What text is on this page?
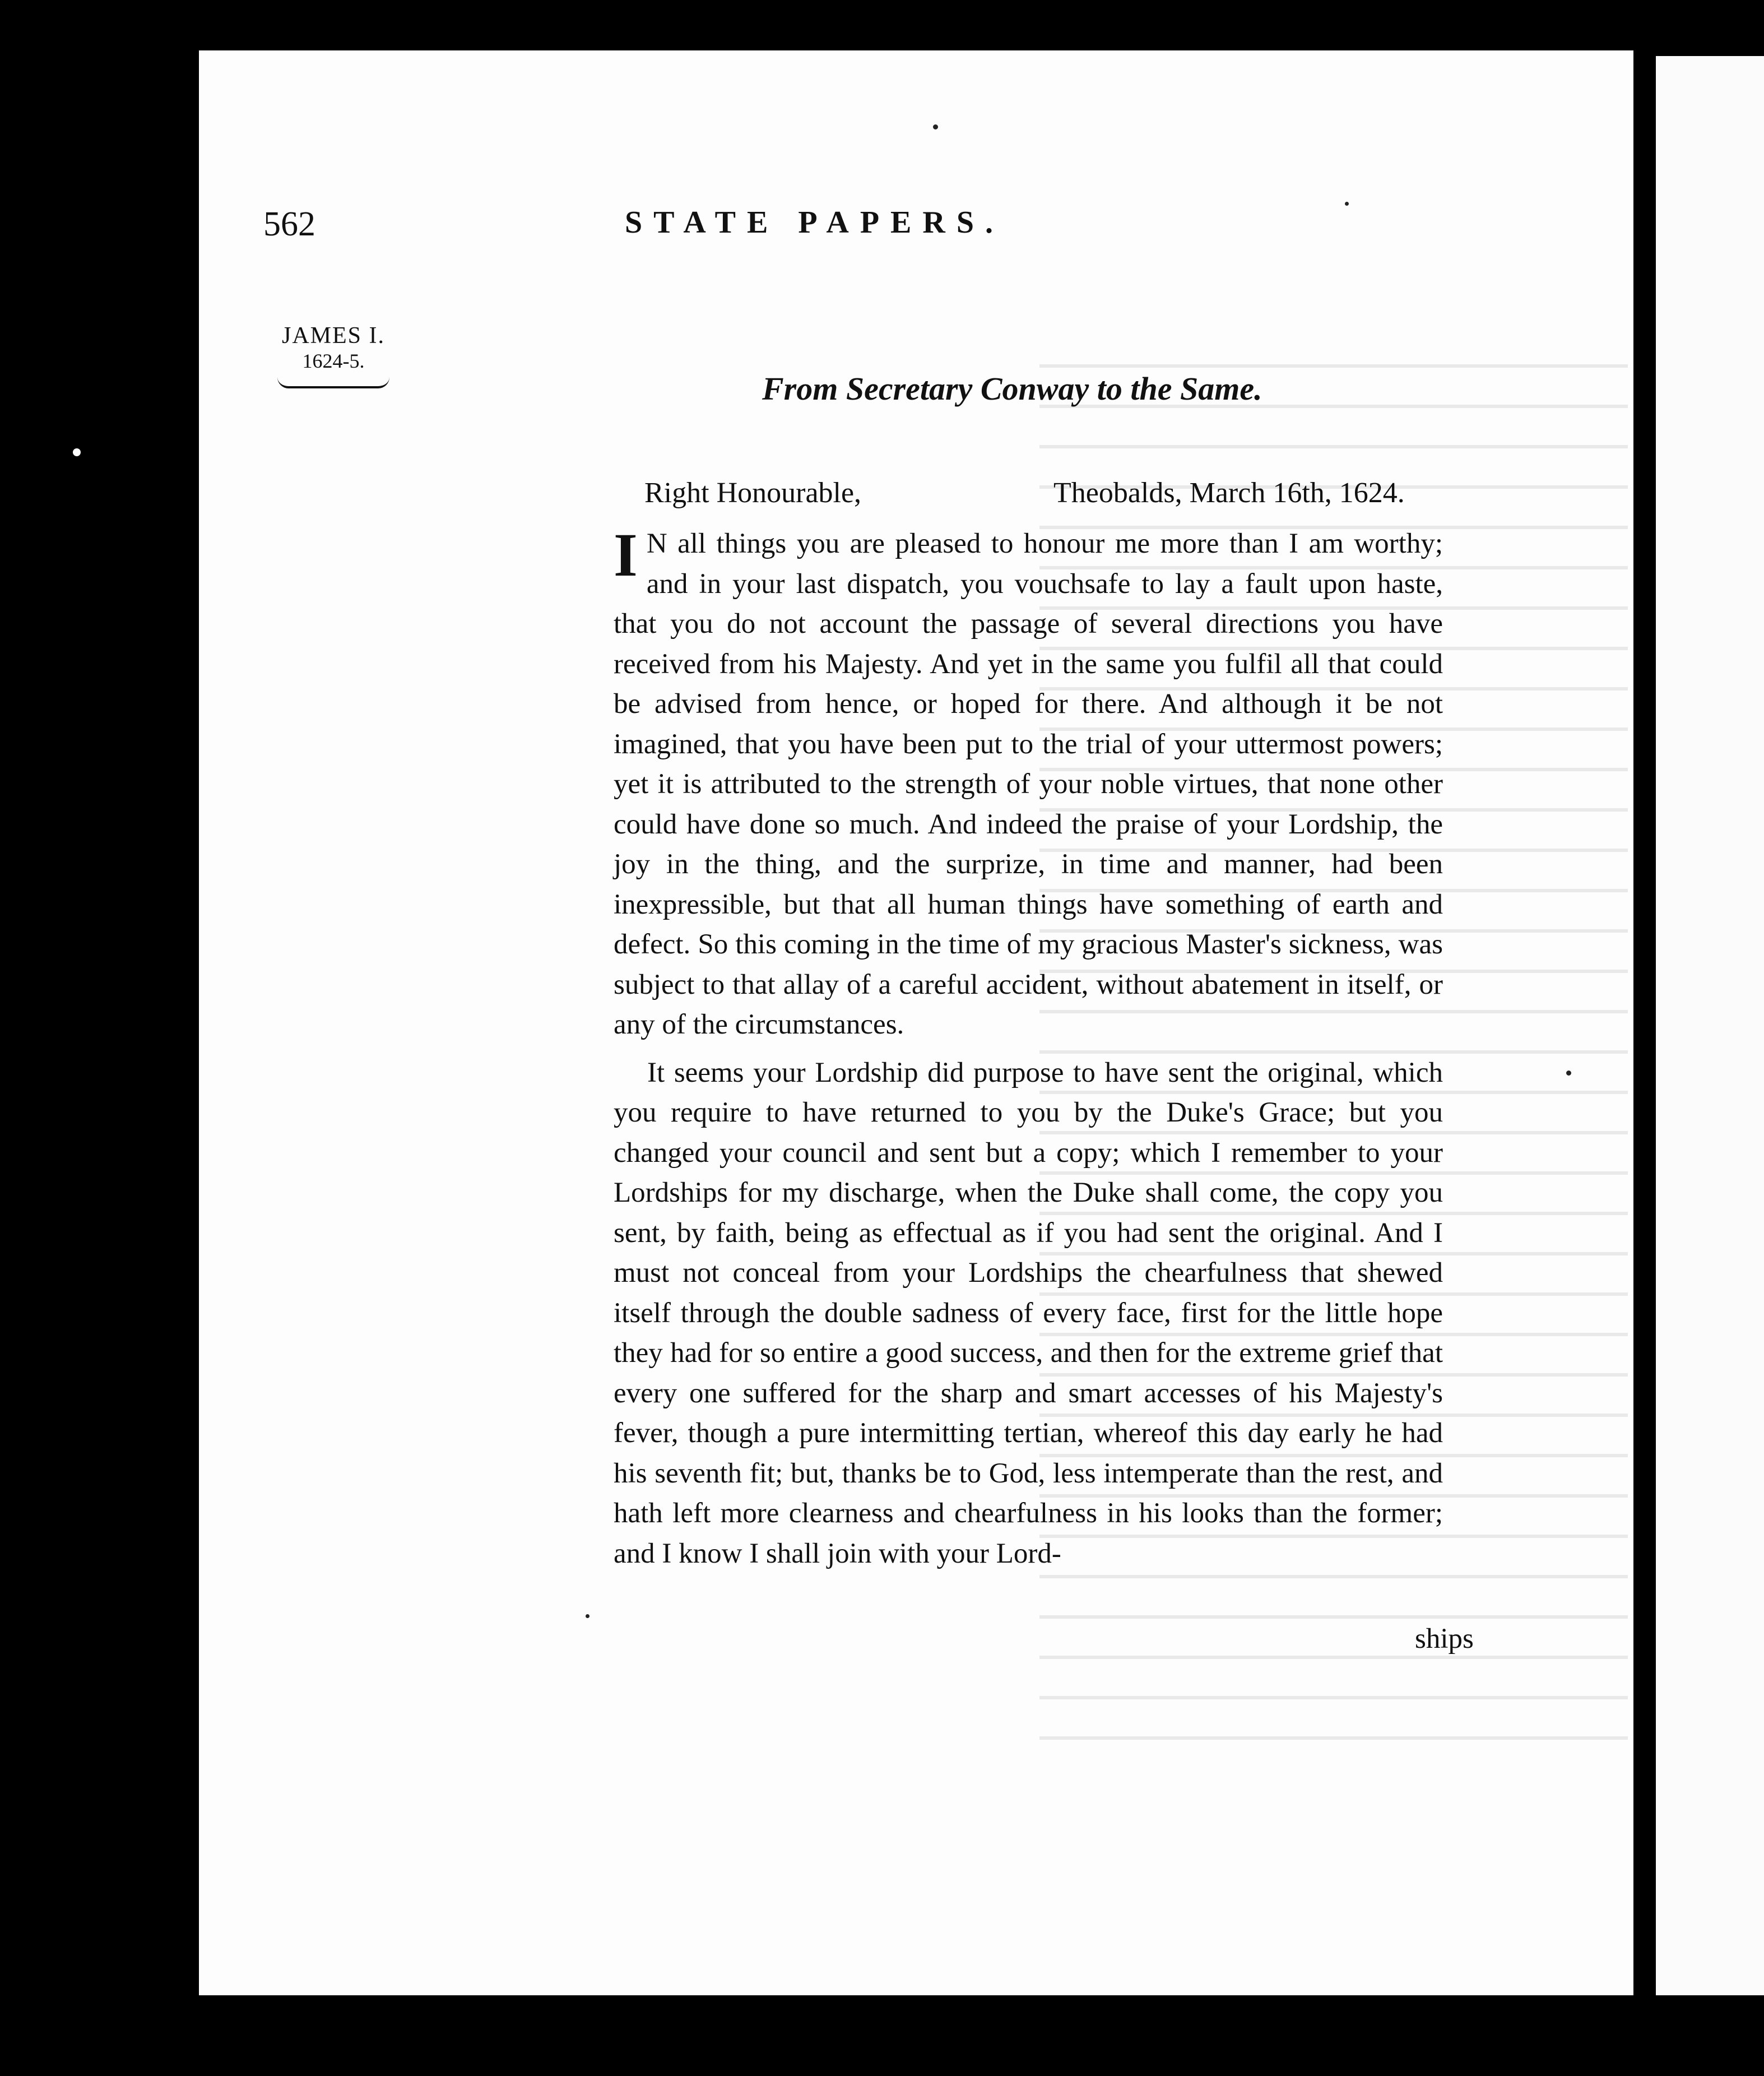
562	STATE PAPERS.
JAMES I.
1624-5.
From Secretary Conway to the Same.
Right Honourable,	Theobalds, March 16th, 1624.

I N all things you are pleased to honour me more than I am worthy; and in your last dispatch, you vouchsafe to lay a fault upon haste, that you do not account the passage of several directions you have received from his Majesty. And yet in the same you fulfil all that could be advised from hence, or hoped for there. And although it be not imagined, that you have been put to the trial of your uttermost powers; yet it is attributed to the strength of your noble virtues, that none other could have done so much. And indeed the praise of your Lordship, the joy in the thing, and the surprize, in time and manner, had been inexpressible, but that all human things have something of earth and defect. So this coming in the time of my gracious Master's sickness, was subject to that allay of a careful accident, without abatement in itself, or any of the circumstances.

It seems your Lordship did purpose to have sent the original, which you require to have returned to you by the Duke's Grace; but you changed your council and sent but a copy; which I remember to your Lordships for my discharge, when the Duke shall come, the copy you sent, by faith, being as effectual as if you had sent the original. And I must not conceal from your Lordships the chearfulness that shewed itself through the double sadness of every face, first for the little hope they had for so entire a good success, and then for the extreme grief that every one suffered for the sharp and smart accesses of his Majesty's fever, though a pure intermitting tertian, whereof this day early he had his seventh fit; but, thanks be to God, less intemperate than the rest, and hath left more clearness and chearfulness in his looks than the former; and I know I shall join with your Lord-

ships
